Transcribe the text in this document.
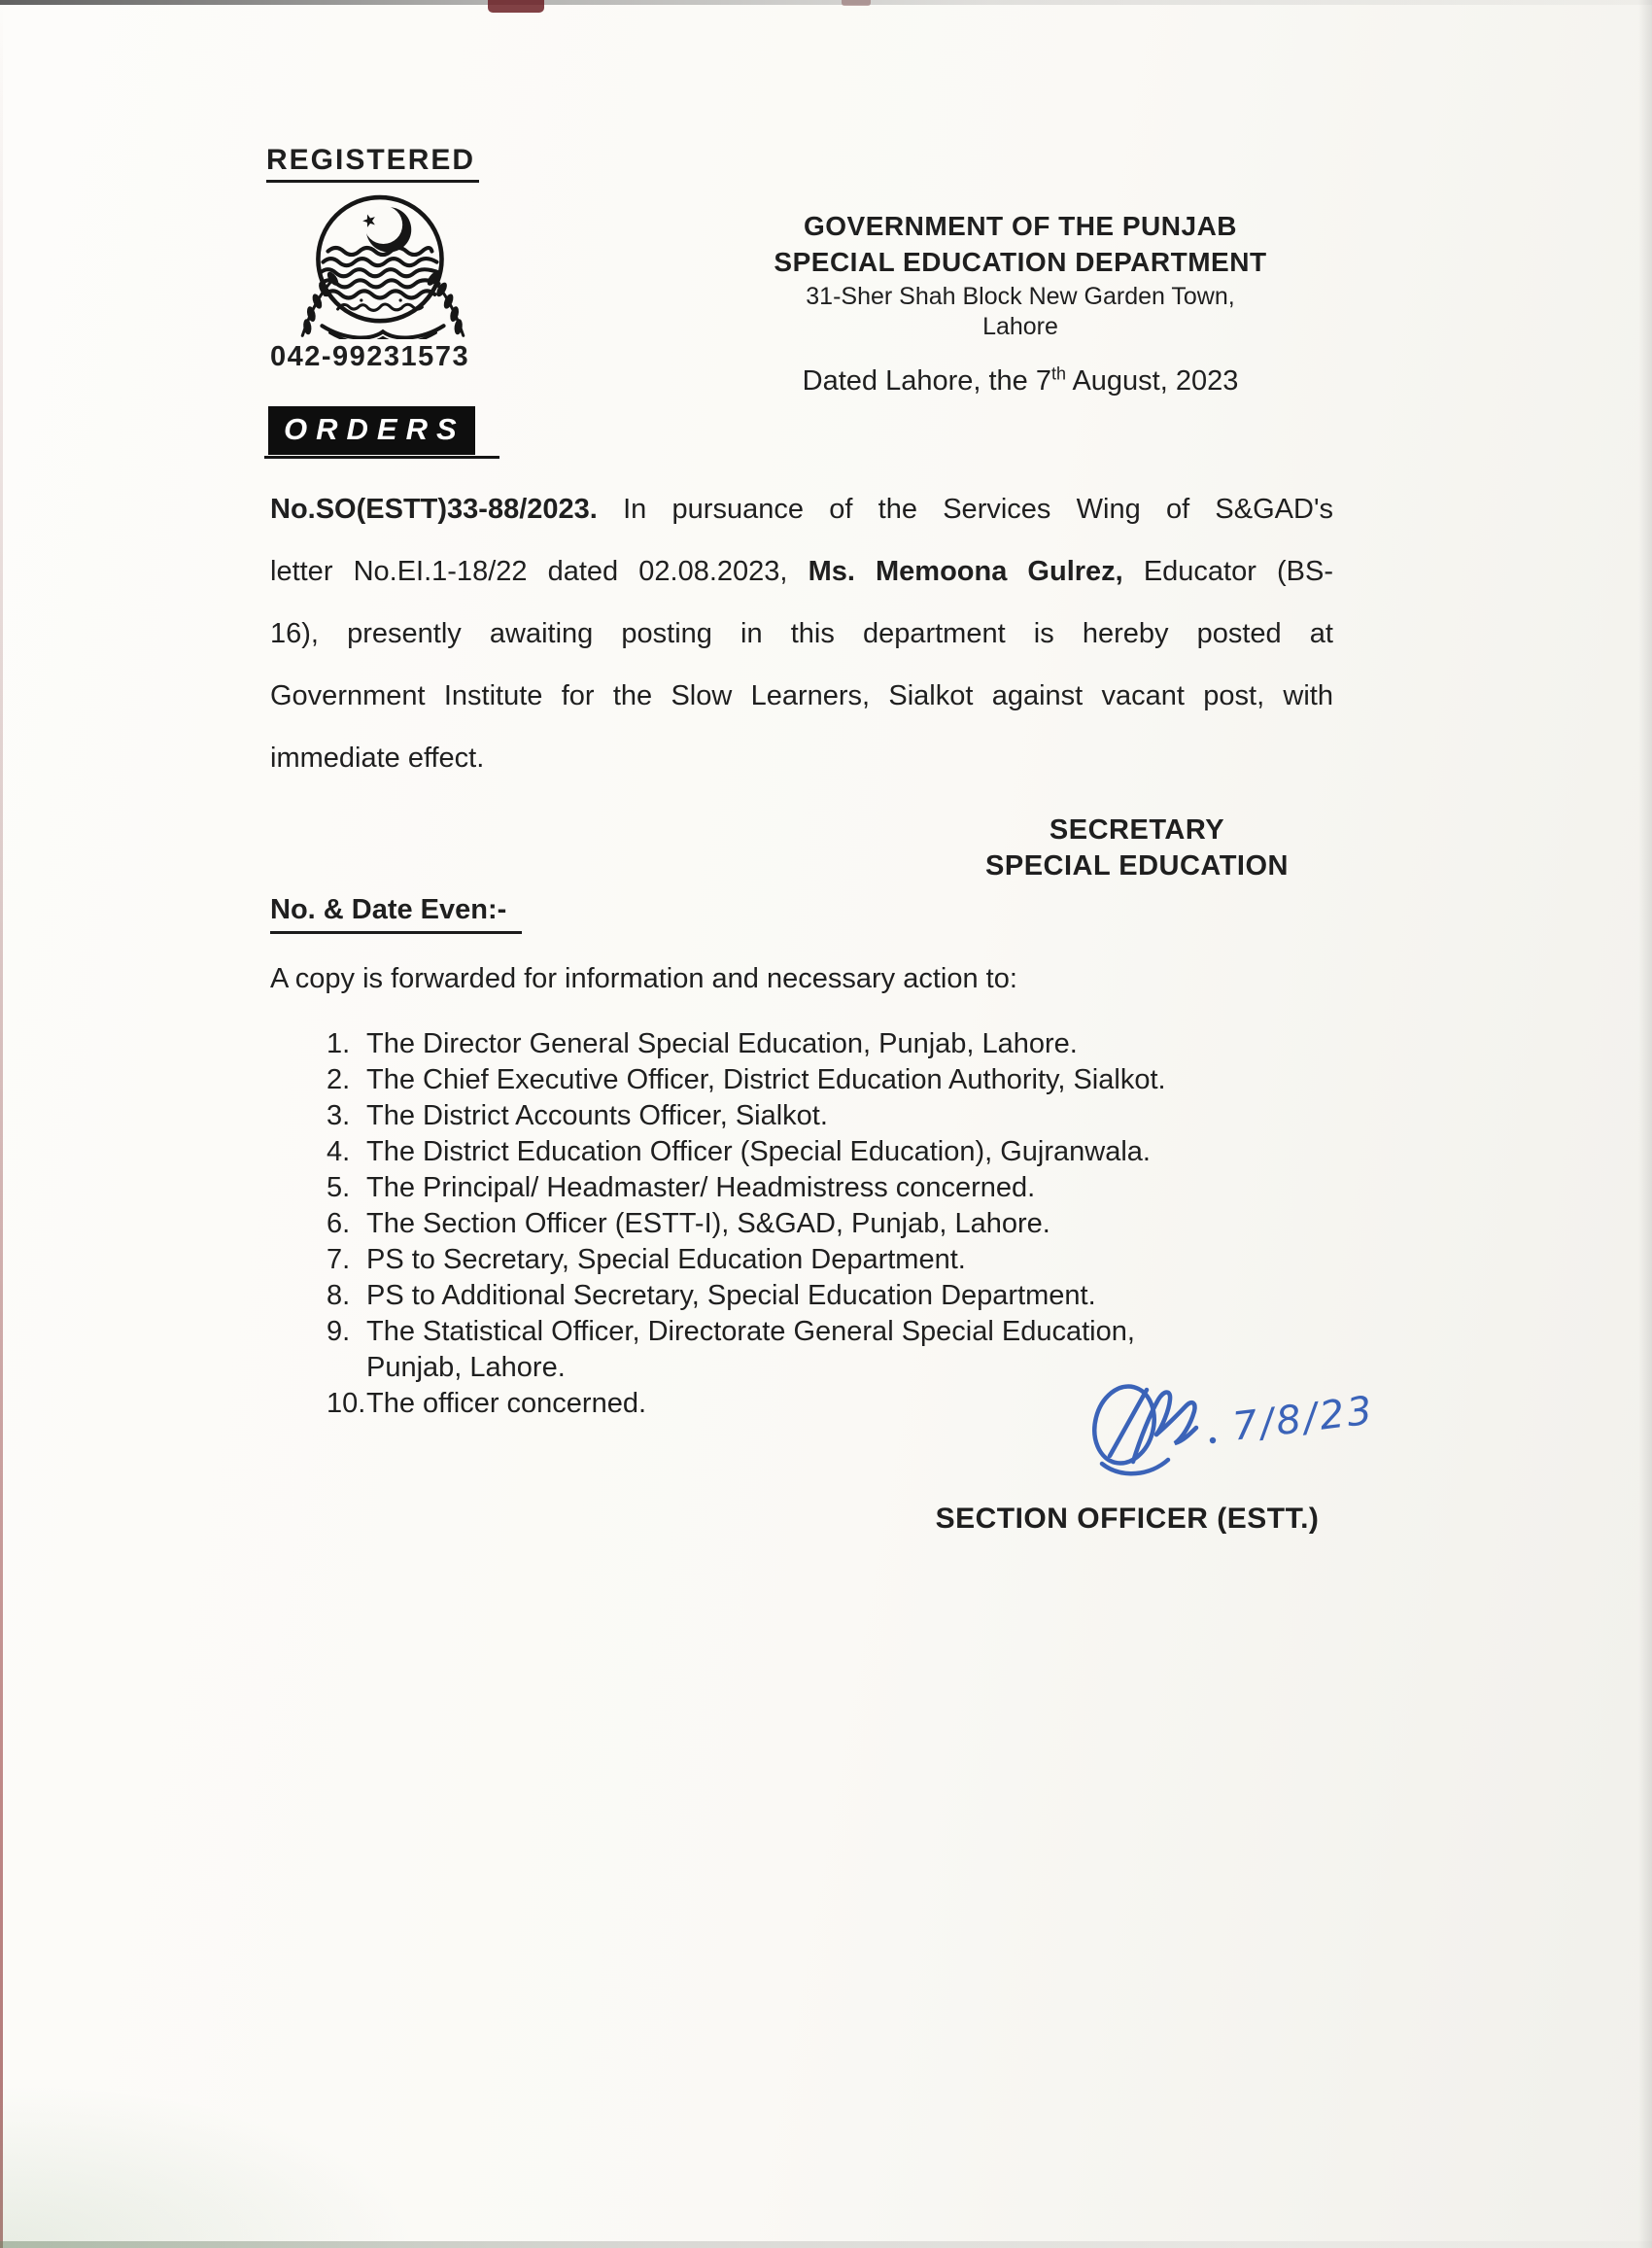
REGISTERED
042-99231573
GOVERNMENT OF THE PUNJAB
SPECIAL EDUCATION DEPARTMENT
31-Sher Shah Block New Garden Town, Lahore
Dated Lahore, the 7th August, 2023
ORDERS
No.SO(ESTT)33-88/2023. In pursuance of the Services Wing of S&GAD's
letter No.EI.1-18/22 dated 02.08.2023, Ms. Memoona Gulrez, Educator (BS-
16), presently awaiting posting in this department is hereby posted at
Government Institute for the Slow Learners, Sialkot against vacant post, with
immediate effect.
SECRETARY
SPECIAL EDUCATION
No. & Date Even:-
A copy is forwarded for information and necessary action to:
1. The Director General Special Education, Punjab, Lahore.
2. The Chief Executive Officer, District Education Authority, Sialkot.
3. The District Accounts Officer, Sialkot.
4. The District Education Officer (Special Education), Gujranwala.
5. The Principal/ Headmaster/ Headmistress concerned.
6. The Section Officer (ESTT-I), S&GAD, Punjab, Lahore.
7. PS to Secretary, Special Education Department.
8. PS to Additional Secretary, Special Education Department.
9. The Statistical Officer, Directorate General Special Education,
Punjab, Lahore.
10. The officer concerned.	7/8/23
SECTION OFFICER (ESTT.)
